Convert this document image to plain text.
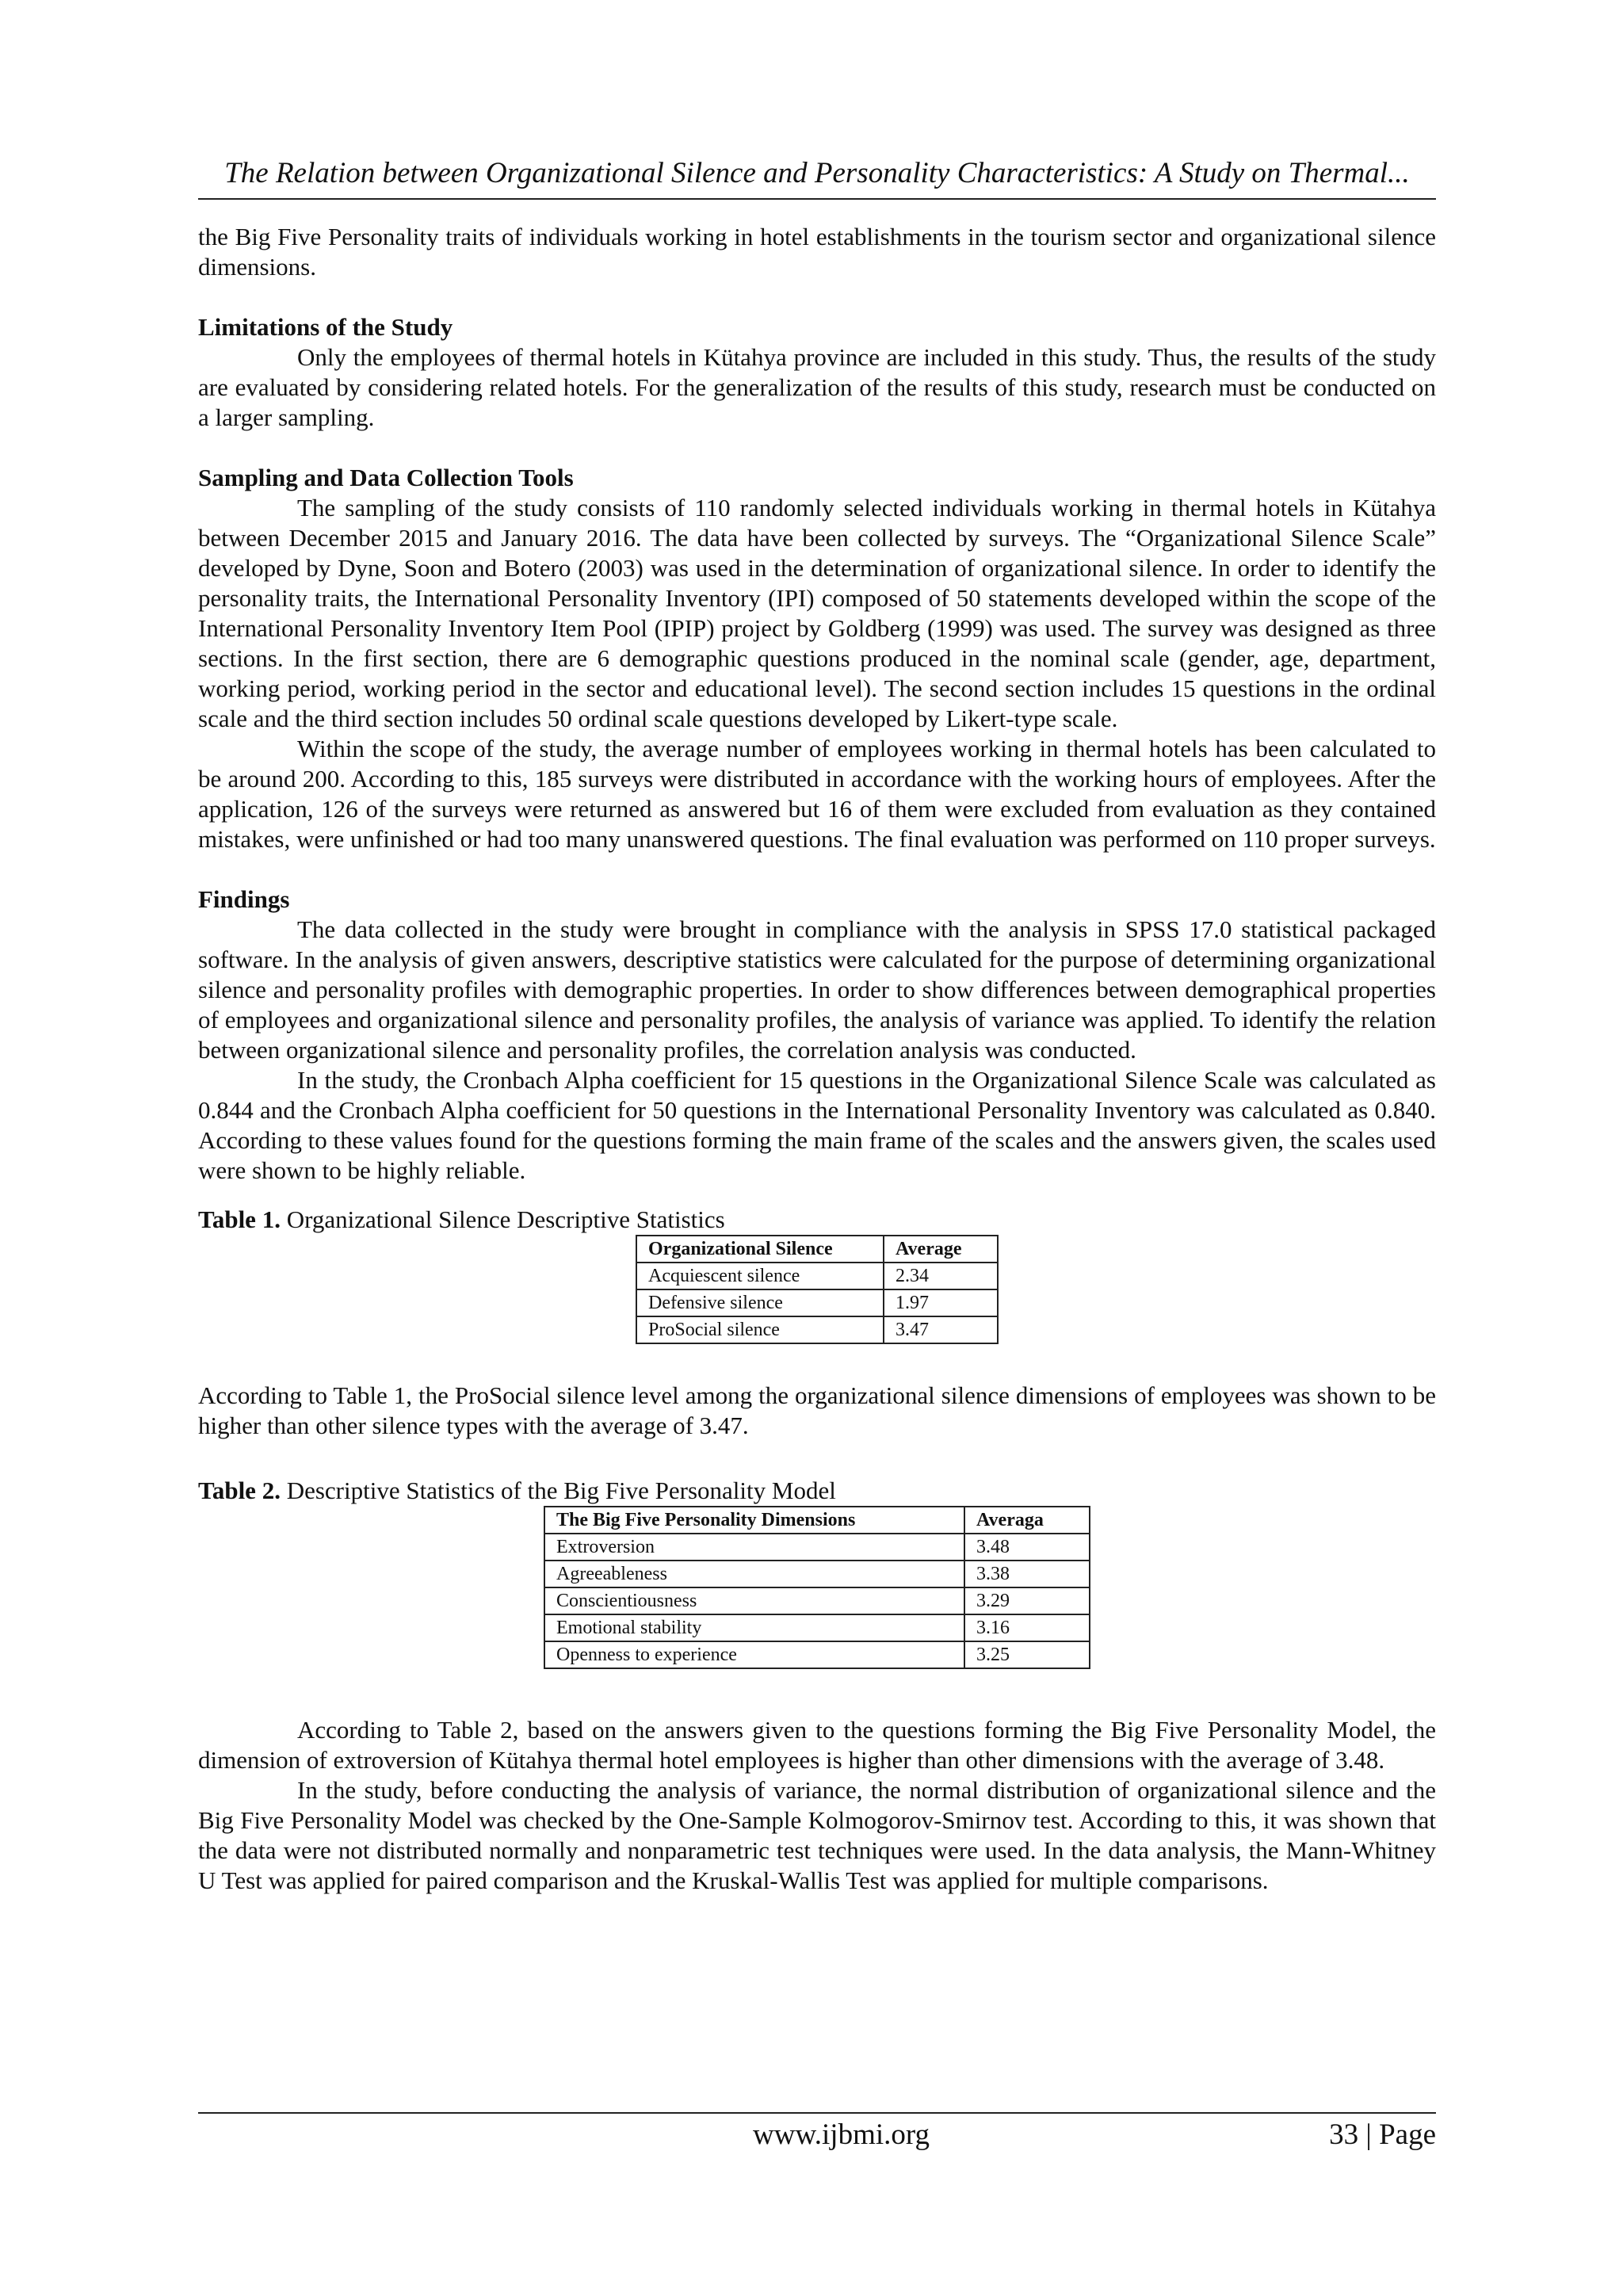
The Relation between Organizational Silence and Personality Characteristics: A Study on Thermal...

the Big Five Personality traits of individuals working in hotel establishments in the tourism sector and organizational silence dimensions.

Limitations of the Study

Only the employees of thermal hotels in Kütahya province are included in this study. Thus, the results of the study are evaluated by considering related hotels. For the generalization of the results of this study, research must be conducted on a larger sampling.

Sampling and Data Collection Tools

The sampling of the study consists of 110 randomly selected individuals working in thermal hotels in Kütahya between December 2015 and January 2016. The data have been collected by surveys. The “Organizational Silence Scale” developed by Dyne, Soon and Botero (2003) was used in the determination of organizational silence. In order to identify the personality traits, the International Personality Inventory (IPI) composed of 50 statements developed within the scope of the International Personality Inventory Item Pool (IPIP) project by Goldberg (1999) was used. The survey was designed as three sections. In the first section, there are 6 demographic questions produced in the nominal scale (gender, age, department, working period, working period in the sector and educational level). The second section includes 15 questions in the ordinal scale and the third section includes 50 ordinal scale questions developed by Likert-type scale.

Within the scope of the study, the average number of employees working in thermal hotels has been calculated to be around 200. According to this, 185 surveys were distributed in accordance with the working hours of employees. After the application, 126 of the surveys were returned as answered but 16 of them were excluded from evaluation as they contained mistakes, were unfinished or had too many unanswered questions. The final evaluation was performed on 110 proper surveys.

Findings

The data collected in the study were brought in compliance with the analysis in SPSS 17.0 statistical packaged software. In the analysis of given answers, descriptive statistics were calculated for the purpose of determining organizational silence and personality profiles with demographic properties. In order to show differences between demographical properties of employees and organizational silence and personality profiles, the analysis of variance was applied. To identify the relation between organizational silence and personality profiles, the correlation analysis was conducted.

In the study, the Cronbach Alpha coefficient for 15 questions in the Organizational Silence Scale was calculated as 0.844 and the Cronbach Alpha coefficient for 50 questions in the International Personality Inventory was calculated as 0.840. According to these values found for the questions forming the main frame of the scales and the answers given, the scales used were shown to be highly reliable.

Table 1. Organizational Silence Descriptive Statistics

Organizational Silence	Average
Acquiescent silence	2.34
Defensive silence	1.97
ProSocial silence	3.47

According to Table 1, the ProSocial silence level among the organizational silence dimensions of employees was shown to be higher than other silence types with the average of 3.47.

Table 2. Descriptive Statistics of the Big Five Personality Model

The Big Five Personality Dimensions	Averaga
Extroversion	3.48
Agreeableness	3.38
Conscientiousness	3.29
Emotional stability	3.16
Openness to experience	3.25

According to Table 2, based on the answers given to the questions forming the Big Five Personality Model, the dimension of extroversion of Kütahya thermal hotel employees is higher than other dimensions with the average of 3.48.

In the study, before conducting the analysis of variance, the normal distribution of organizational silence and the Big Five Personality Model was checked by the One-Sample Kolmogorov-Smirnov test. According to this, it was shown that the data were not distributed normally and nonparametric test techniques were used. In the data analysis, the Mann-Whitney U Test was applied for paired comparison and the Kruskal-Wallis Test was applied for multiple comparisons.

www.ijbmi.org	33 | Page
